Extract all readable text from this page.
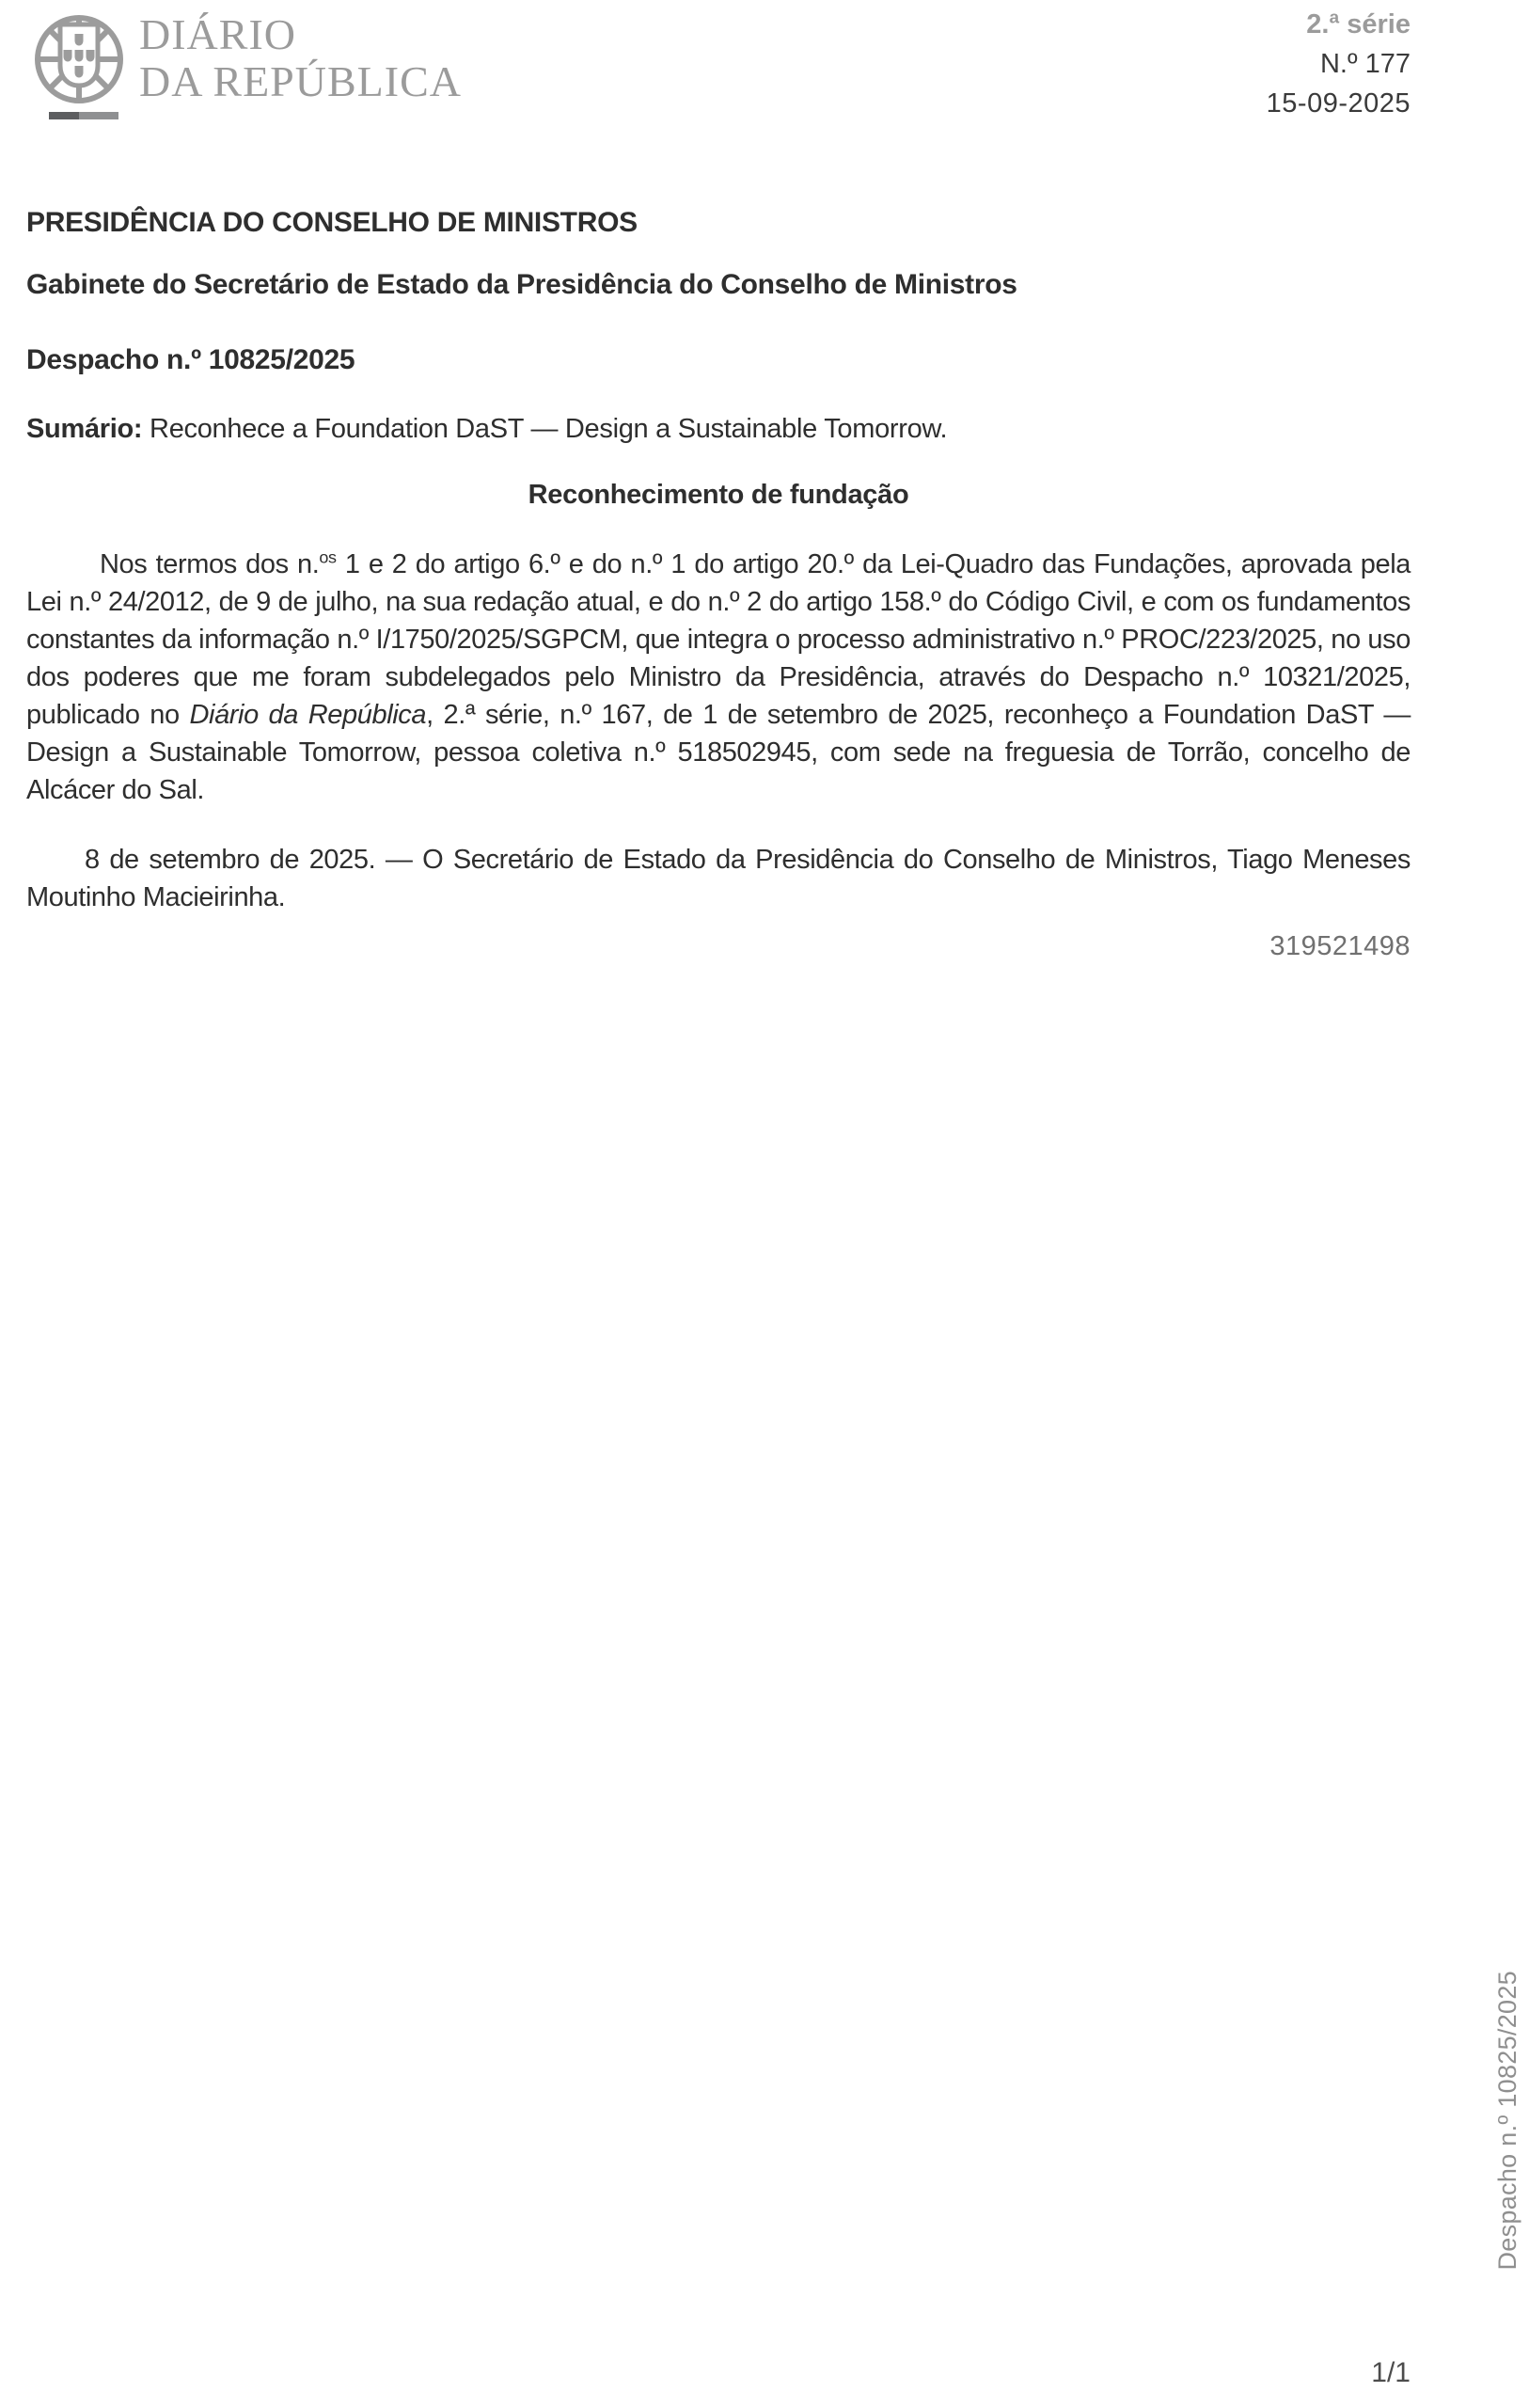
DIÁRIO
DA REPÚBLICA
2.ª série
N.º 177
15-09-2025
PRESIDÊNCIA DO CONSELHO DE MINISTROS
Gabinete do Secretário de Estado da Presidência do Conselho de Ministros
Despacho n.º 10825/2025
Sumário: Reconhece a Foundation DaST — Design a Sustainable Tomorrow.
Reconhecimento de fundação
Nos termos dos n.$^{os}$ 1 e 2 do artigo 6.º e do n.º 1 do artigo 20.º da Lei-Quadro das Fundações, aprovada pela Lei n.º 24/2012, de 9 de julho, na sua redação atual, e do n.º 2 do artigo 158.º do Código Civil, e com os fundamentos constantes da informação n.º I/1750/2025/SGPCM, que integra o processo administrativo n.º PROC/223/2025, no uso dos poderes que me foram subdelegados pelo Ministro da Presidência, através do Despacho n.º 10321/2025, publicado no Diário da República, 2.ª série, n.º 167, de 1 de setembro de 2025, reconheço a Foundation DaST — Design a Sustainable Tomorrow, pessoa coletiva n.º 518502945, com sede na freguesia de Torrão, concelho de Alcácer do Sal.
8 de setembro de 2025. — O Secretário de Estado da Presidência do Conselho de Ministros, Tiago Meneses Moutinho Macieirinha.
319521498
Despacho n.º 10825/2025
1/1
